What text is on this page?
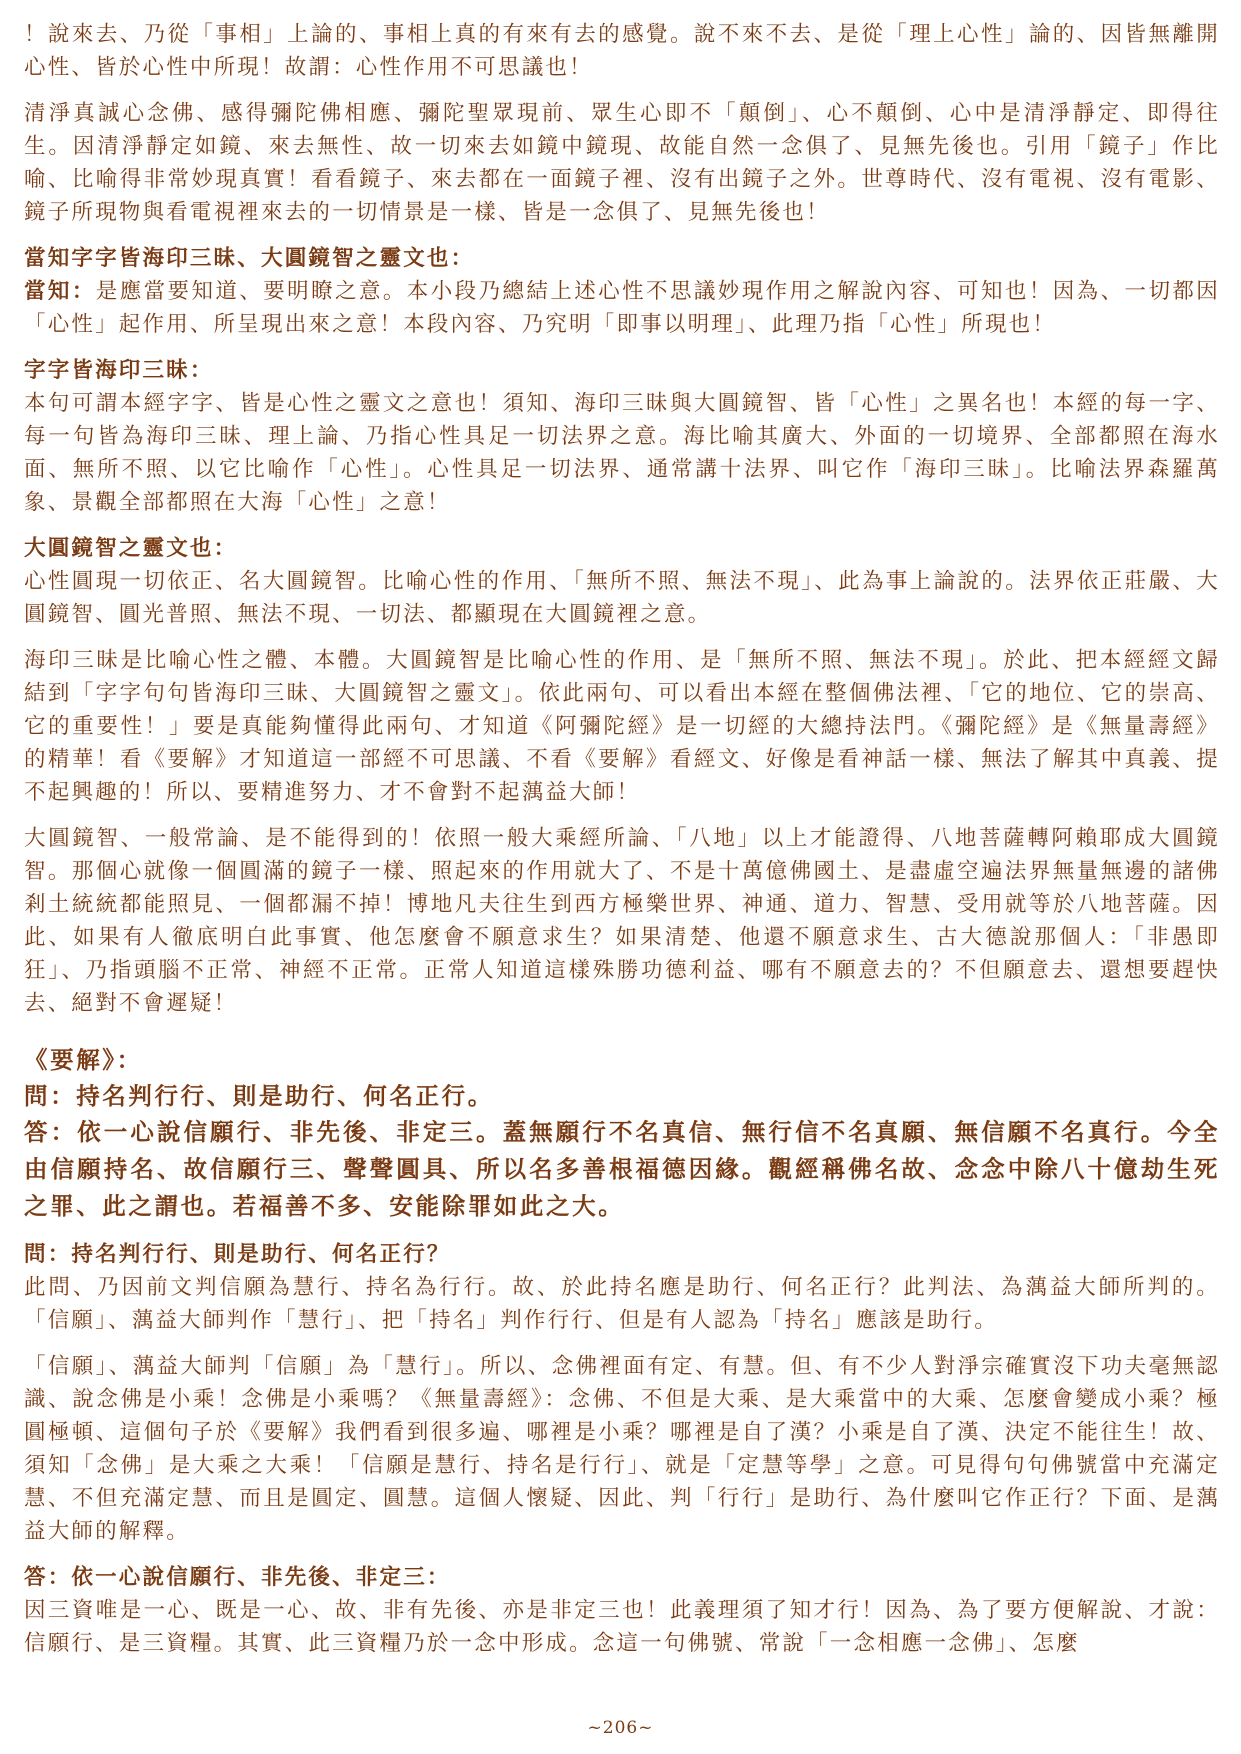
！說來去、乃從「事相」上論的、事相上真的有來有去的感覺。說不來不去、是從「理上心性」論的、因皆無離開心性、皆於心性中所現！故謂：心性作用不可思議也！

清淨真誠心念佛、感得彌陀佛相應、彌陀聖眾現前、眾生心即不「顛倒」、心不顛倒、心中是清淨靜定、即得往生。因清淨靜定如鏡、來去無性、故一切來去如鏡中鏡現、故能自然一念俱了、見無先後也。引用「鏡子」作比喻、比喻得非常妙現真實！看看鏡子、來去都在一面鏡子裡、沒有出鏡子之外。世尊時代、沒有電視、沒有電影、鏡子所現物與看電視裡來去的一切情景是一樣、皆是一念俱了、見無先後也！

當知字字皆海印三昧、大圓鏡智之靈文也：

當知：是應當要知道、要明瞭之意。本小段乃總結上述心性不思議妙現作用之解說內容、可知也！因為、一切都因「心性」起作用、所呈現出來之意！本段內容、乃究明「即事以明理」、此理乃指「心性」所現也！

字字皆海印三昧：

本句可謂本經字字、皆是心性之靈文之意也！須知、海印三昧與大圓鏡智、皆「心性」之異名也！本經的每一字、每一句皆為海印三昧、理上論、乃指心性具足一切法界之意。海比喻其廣大、外面的一切境界、全部都照在海水面、無所不照、以它比喻作「心性」。心性具足一切法界、通常講十法界、叫它作「海印三昧」。比喻法界森羅萬象、景觀全部都照在大海「心性」之意！

大圓鏡智之靈文也：

心性圓現一切依正、名大圓鏡智。比喻心性的作用、「無所不照、無法不現」、此為事上論說的。法界依正莊嚴、大圓鏡智、圓光普照、無法不現、一切法、都顯現在大圓鏡裡之意。

海印三昧是比喻心性之體、本體。大圓鏡智是比喻心性的作用、是「無所不照、無法不現」。於此、把本經經文歸結到「字字句句皆海印三昧、大圓鏡智之靈文」。依此兩句、可以看出本經在整個佛法裡、「它的地位、它的崇高、它的重要性！」要是真能夠懂得此兩句、才知道《阿彌陀經》是一切經的大總持法門。《彌陀經》是《無量壽經》的精華！看《要解》才知道這一部經不可思議、不看《要解》看經文、好像是看神話一樣、無法了解其中真義、提不起興趣的！所以、要精進努力、才不會對不起蕅益大師！

大圓鏡智、一般常論、是不能得到的！依照一般大乘經所論、「八地」以上才能證得、八地菩薩轉阿賴耶成大圓鏡智。那個心就像一個圓滿的鏡子一樣、照起來的作用就大了、不是十萬億佛國土、是盡虛空遍法界無量無邊的諸佛剎土統統都能照見、一個都漏不掉！博地凡夫往生到西方極樂世界、神通、道力、智慧、受用就等於八地菩薩。因此、如果有人徹底明白此事實、他怎麼會不願意求生？如果清楚、他還不願意求生、古大德說那個人：「非愚即狂」、乃指頭腦不正常、神經不正常。正常人知道這樣殊勝功德利益、哪有不願意去的？不但願意去、還想要趕快去、絕對不會遲疑！

《要解》：

問：持名判行行、則是助行、何名正行。

答：依一心說信願行、非先後、非定三。蓋無願行不名真信、無行信不名真願、無信願不名真行。今全由信願持名、故信願行三、聲聲圓具、所以名多善根福德因緣。觀經稱佛名故、念念中除八十億劫生死之罪、此之謂也。若福善不多、安能除罪如此之大。

問：持名判行行、則是助行、何名正行？

此問、乃因前文判信願為慧行、持名為行行。故、於此持名應是助行、何名正行？此判法、為蕅益大師所判的。「信願」、蕅益大師判作「慧行」、把「持名」判作行行、但是有人認為「持名」應該是助行。

「信願」、蕅益大師判「信願」為「慧行」。所以、念佛裡面有定、有慧。但、有不少人對淨宗確實沒下功夫毫無認識、說念佛是小乘！念佛是小乘嗎？《無量壽經》：念佛、不但是大乘、是大乘當中的大乘、怎麼會變成小乘？極圓極頓、這個句子於《要解》我們看到很多遍、哪裡是小乘？哪裡是自了漢？小乘是自了漢、決定不能往生！故、須知「念佛」是大乘之大乘！「信願是慧行、持名是行行」、就是「定慧等學」之意。可見得句句佛號當中充滿定慧、不但充滿定慧、而且是圓定、圓慧。這個人懷疑、因此、判「行行」是助行、為什麼叫它作正行？下面、是蕅益大師的解釋。

答：依一心說信願行、非先後、非定三：

因三資唯是一心、既是一心、故、非有先後、亦是非定三也！此義理須了知才行！因為、為了要方便解說、才說：信願行、是三資糧。其實、此三資糧乃於一念中形成。念這一句佛號、常說「一念相應一念佛」、怎麼

~206~
